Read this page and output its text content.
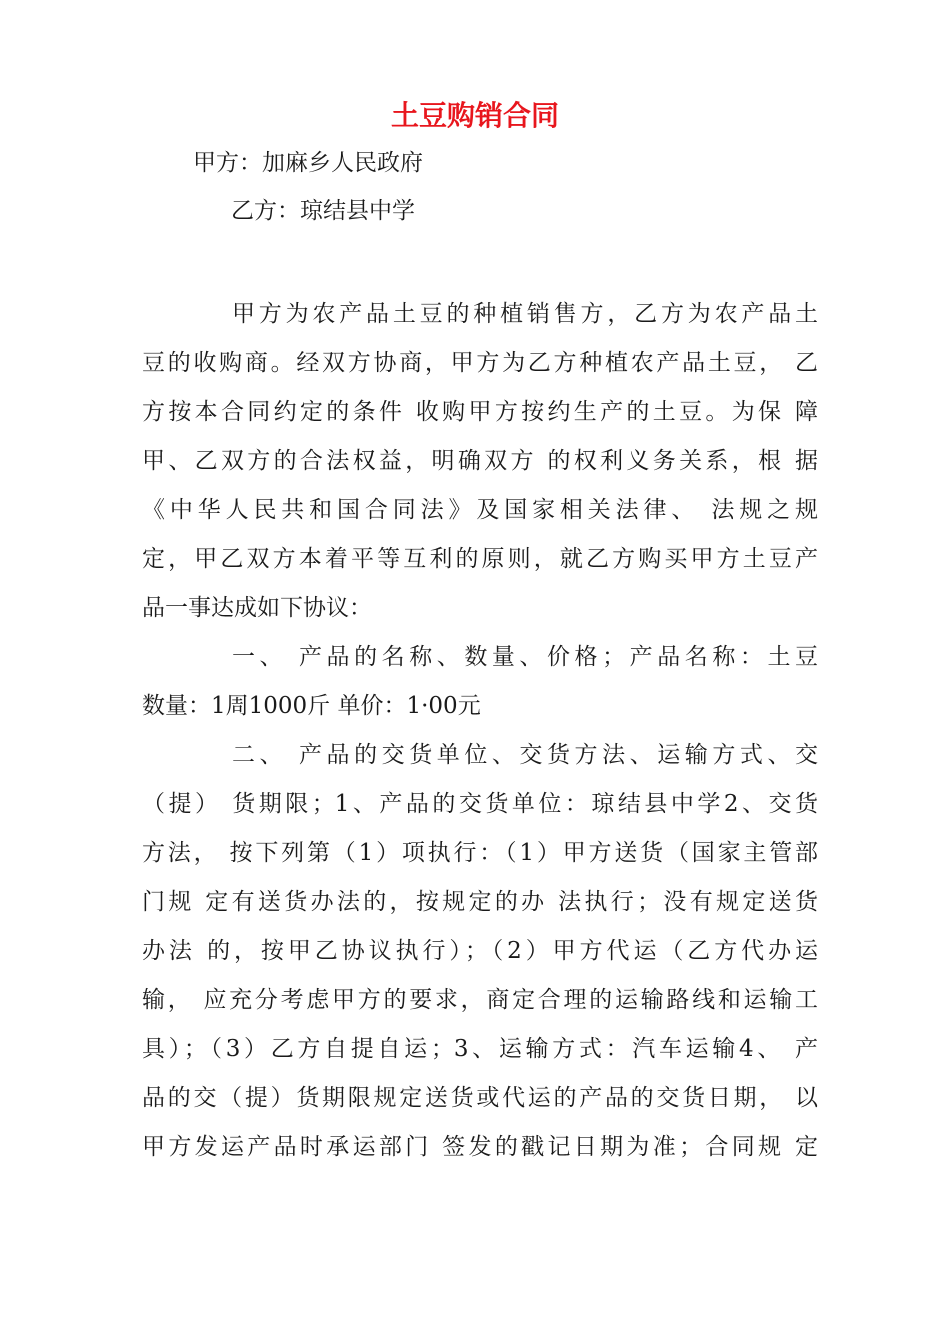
土豆购销合同
甲方：加麻乡人民政府
乙方：琼结县中学
甲方为农产品土豆的种植销售方，乙方为农产品土
豆的收购商。经双方协商，甲方为乙方种植农产品土豆， 乙
方按本合同约定的条件 收购甲方按约生产的土豆。为保 障
甲、乙双方的合法权益，明确双方 的权利义务关系，根 据
《中华人民共和国合同法》及国家相关法律、 法规之规
定，甲乙双方本着平等互利的原则，就乙方购买甲方土豆产
品一事达成如下协议：
一、 产品的名称、数量、价格；产品名称：土豆
数量：1周1000斤 单价：1·00元
二、 产品的交货单位、交货方法、运输方式、交
（提） 货期限；1、产品的交货单位：琼结县中学2、交货
方法， 按下列第（1）项执行：（1）甲方送货（国家主管部
门规 定有送货办法的，按规定的办 法执行；没有规定送货
办法 的，按甲乙协议执行）；（2）甲方代运（乙方代办运
输， 应充分考虑甲方的要求，商定合理的运输路线和运输工
具）；（3）乙方自提自运；3、运输方式：汽车运输4、 产
品的交（提）货期限规定送货或代运的产品的交货日期， 以
甲方发运产品时承运部门 签发的戳记日期为准；合同规 定
